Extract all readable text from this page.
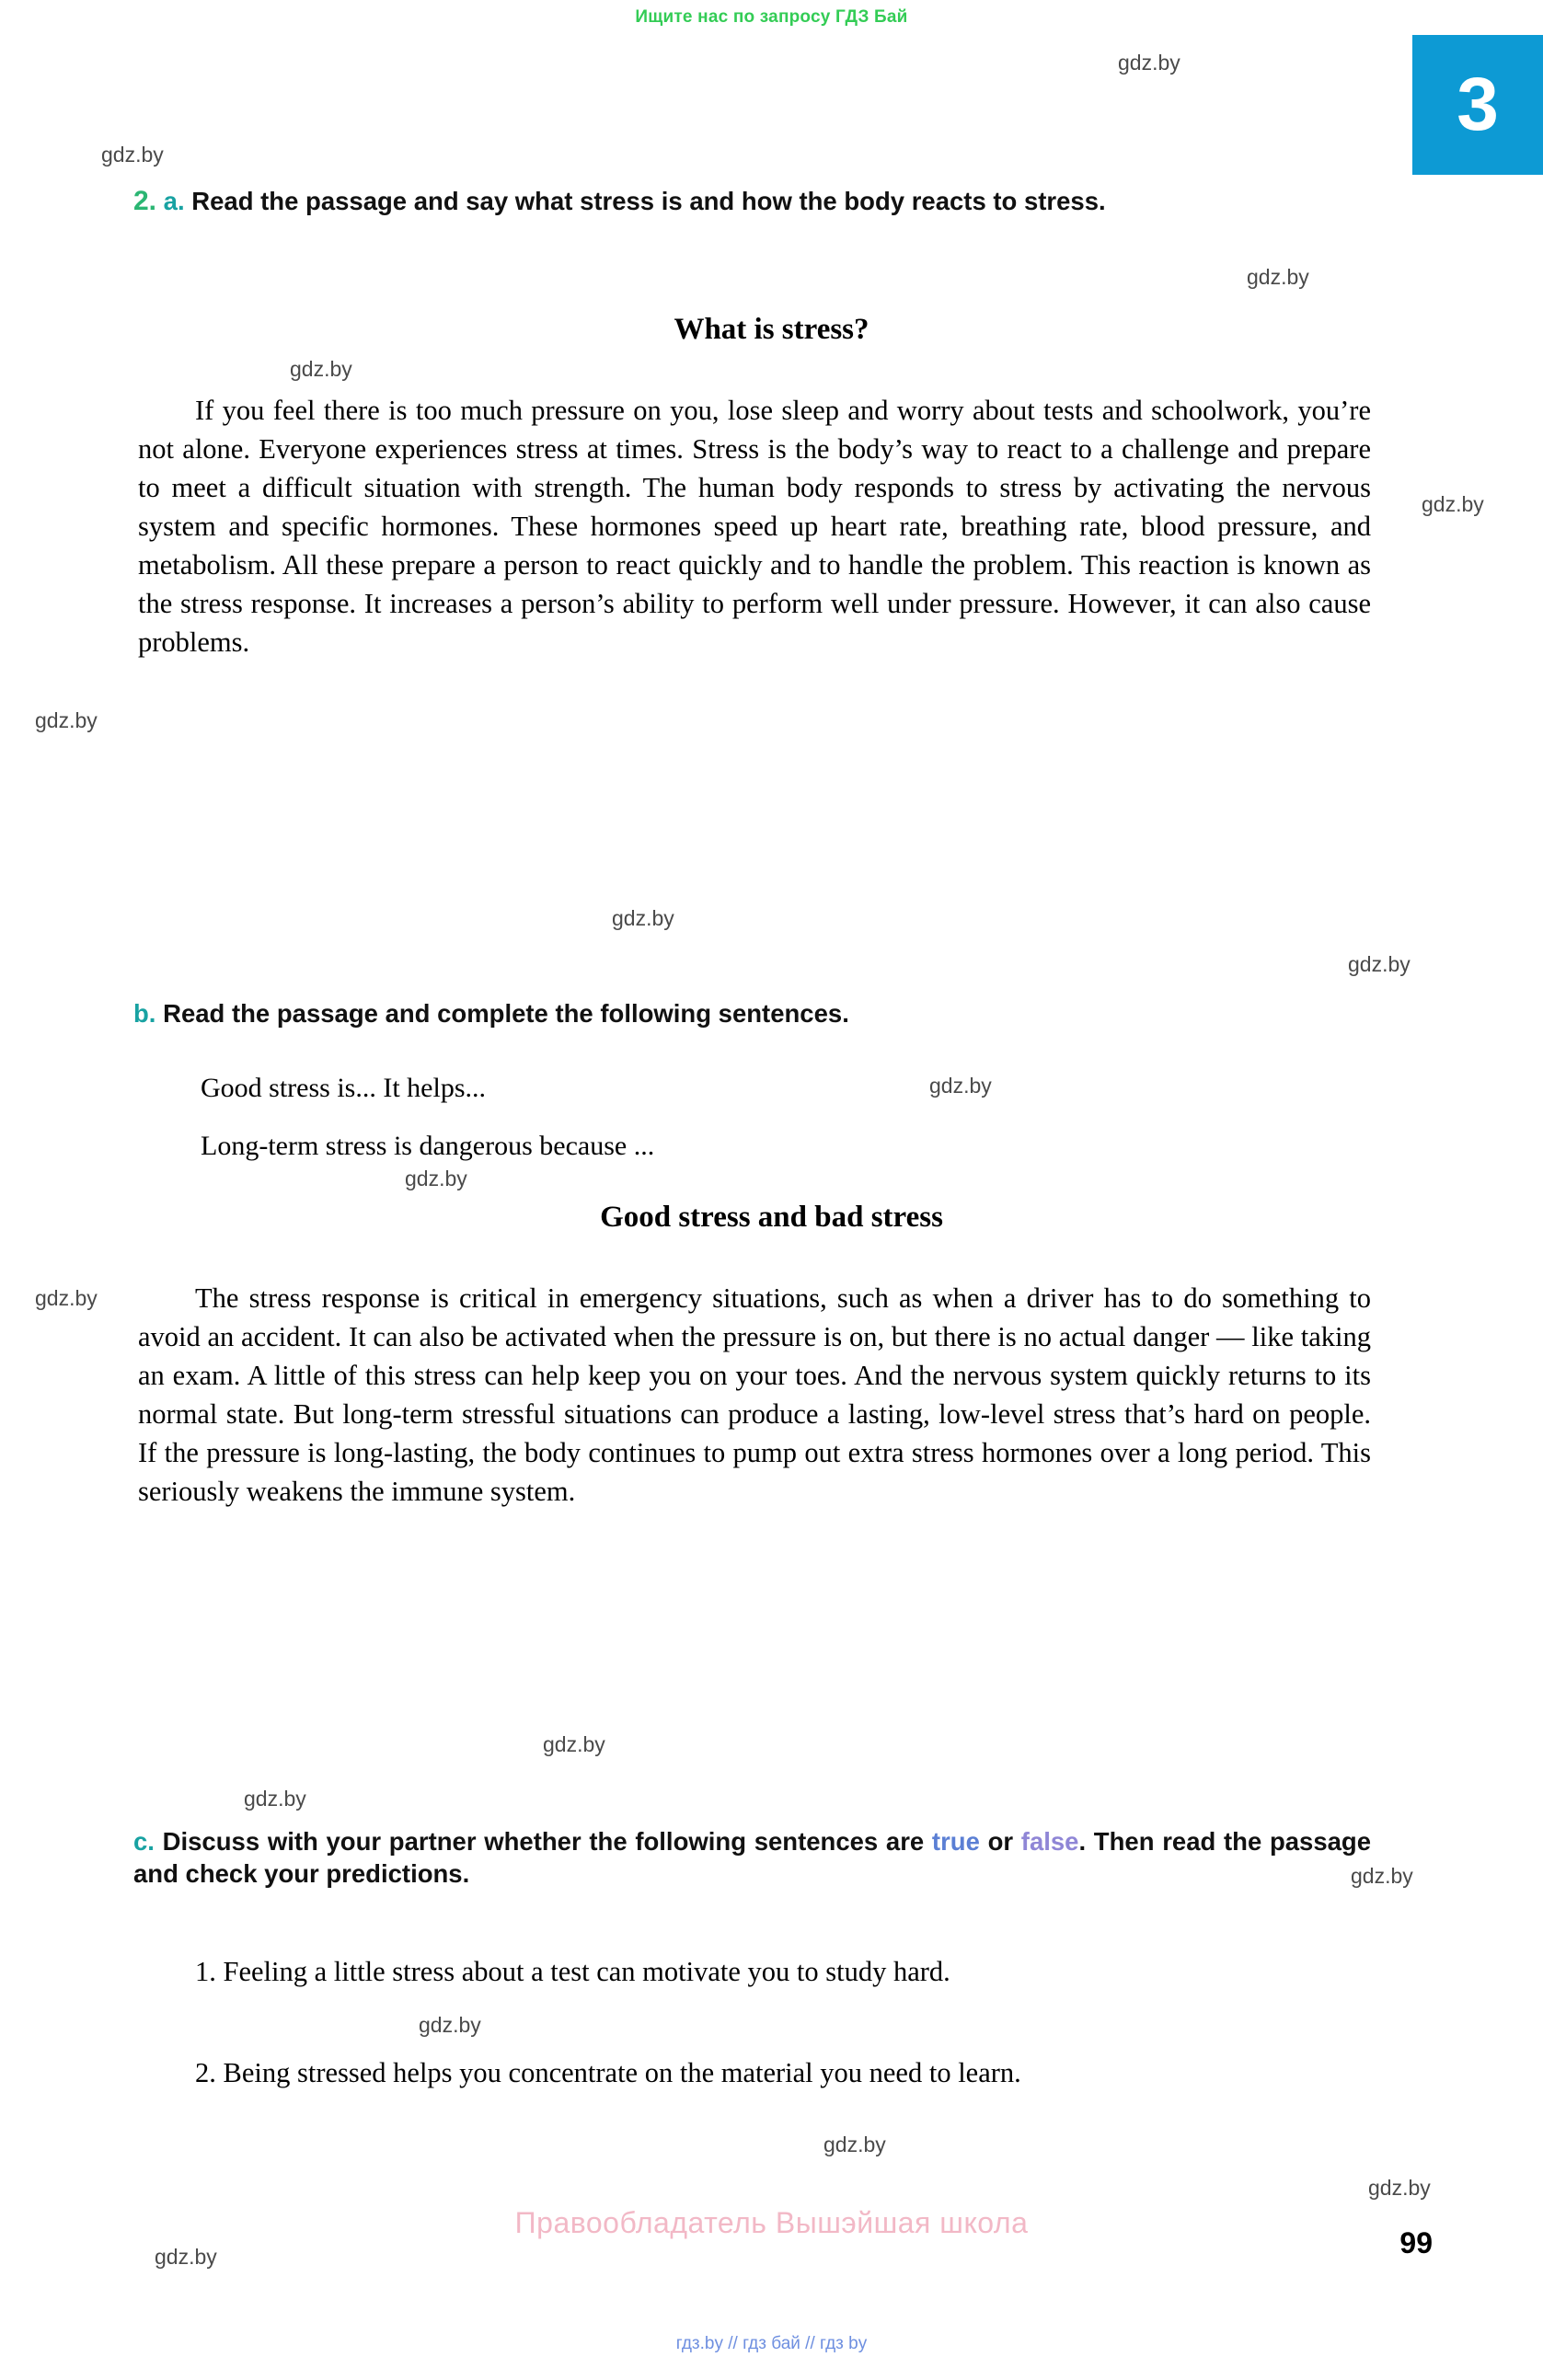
Ищите нас по запросу ГДЗ Бай
3
2. a. Read the passage and say what stress is and how the body reacts to stress.
What is stress?
If you feel there is too much pressure on you, lose sleep and worry about tests and schoolwork, you’re not alone. Everyone experiences stress at times. Stress is the body’s way to react to a challenge and prepare to meet a difficult situation with strength. The human body responds to stress by activating the nervous system and specific hormones. These hormones speed up heart rate, breathing rate, blood pressure, and metabolism. All these prepare a person to react quickly and to handle the problem. This reaction is known as the stress response. It increases a person’s ability to perform well under pressure. However, it can also cause problems.
b. Read the passage and complete the following sentences.
Good stress is... It helps...
Long-term stress is dangerous because ...
Good stress and bad stress
The stress response is critical in emergency situations, such as when a driver has to do something to avoid an accident. It can also be activated when the pressure is on, but there is no actual danger — like taking an exam. A little of this stress can help keep you on your toes. And the nervous system quickly returns to its normal state. But long-term stressful situations can produce a lasting, low-level stress that’s hard on people. If the pressure is long-lasting, the body continues to pump out extra stress hormones over a long period. This seriously weakens the immune system.
c. Discuss with your partner whether the following sentences are true or false. Then read the passage and check your predictions.
1. Feeling a little stress about a test can motivate you to study hard.
2. Being stressed helps you concentrate on the material you need to learn.
Правообладатель Вышэйшая школа
99
гдз.by // гдз бай // гдз by
gdz.by
gdz.by
gdz.by
gdz.by
gdz.by
gdz.by
gdz.by
gdz.by
gdz.by
gdz.by
gdz.by
gdz.by
gdz.by
gdz.by
gdz.by
gdz.by
gdz.by
gdz.by
